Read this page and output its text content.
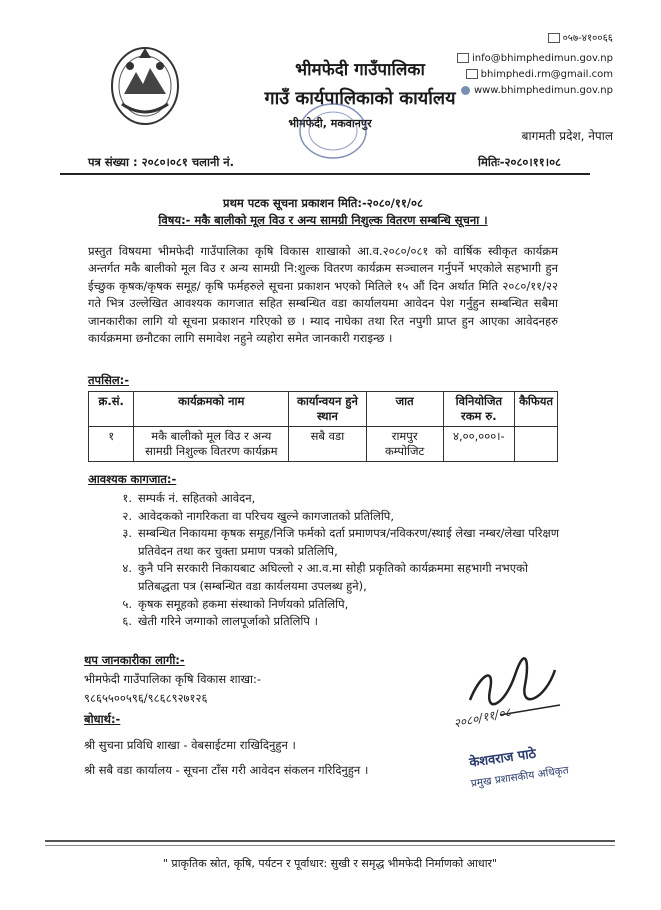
भीमफेदी गाउँपालिका
गाउँ कार्यपालिकाको कार्यालय
भीमफेदी, मकवानपुर
०५७-४१००६६
info@bhimphedimun.gov.np
bhimphedi.rm@gmail.com
www.bhimphedimun.gov.np
बागमती प्रदेश, नेपाल
पत्र संख्या : २०८०।०८१ चलानी नं.	मितिः-२०८०।११।०८
प्रथम पटक सूचना प्रकाशन मिति:-२०८०/११/०८
विषय:- मकै बालीको मूल विउ र अन्य सामग्री निशुल्क वितरण सम्बन्धि सूचना ।
प्रस्तुत विषयमा भीमफेदी गाउँपालिका कृषि विकास शाखाको आ.व.२०८०/०८१ को वार्षिक स्वीकृत कार्यक्रम अन्तर्गत मकै बालीको मूल विउ र अन्य सामग्री नि:शुल्क वितरण कार्यक्रम सञ्चालन गर्नुपर्ने भएकोले सहभागी हुन ईच्छुक कृषक/कृषक समूह/ कृषि फर्महरुले सूचना प्रकाशन भएको मितिले १५ औं दिन अर्थात मिति २०८०/११/२२ गते भित्र उल्लेखित आवश्यक कागजात सहित सम्बन्धित वडा कार्यालयमा आवेदन पेश गर्नुहुन सम्बन्धित सबैमा जानकारीका लागि यो सूचना प्रकाशन गरिएको छ । म्याद नाघेका तथा रित नपुगी प्राप्त हुन आएका आवेदनहरु कार्यक्रममा छनौटका लागि समावेश नहुने व्यहोरा समेत जानकारी गराइन्छ ।
तपसिल:-
क्र.सं.	कार्यक्रमको नाम	कार्यान्वयन हुने स्थान	जात	विनियोजित रकम रु.	कैफियत
१	मकै बालीको मूल विउ र अन्य सामग्री निशुल्क वितरण कार्यक्रम	सबै वडा	रामपुर कम्पोजिट	४,००,०००।-	
आवश्यक कागजात:-
१. सम्पर्क नं. सहितको आवेदन,
२. आवेदकको नागरिकता वा परिचय खुल्ने कागजातको प्रतिलिपि,
३. सम्बन्धित निकायमा कृषक समूह/निजि फर्मको दर्ता प्रमाणपत्र/नविकरण/स्थाई लेखा नम्बर/लेखा परिक्षण प्रतिवेदन तथा कर चुक्ता प्रमाण पत्रको प्रतिलिपि,
४. कुनै पनि सरकारी निकायबाट अघिल्लो २ आ.व.मा सोही प्रकृतिको कार्यक्रममा सहभागी नभएको प्रतिबद्धता पत्र (सम्बन्धित वडा कार्यलयमा उपलब्ध हुने),
५. कृषक समूहको हकमा संस्थाको निर्णयको प्रतिलिपि,
६. खेती गरिने जग्गाको लालपूर्जाको प्रतिलिपि ।
थप जानकारीका लागी:-
भीमफेदी गाउँपालिका कृषि विकास शाखा:-
९८६५५००५९६/९८६८९२७१२६
बोधार्थ:-
श्री सुचना प्रविधि शाखा - वेबसाईटमा राखिदिनुहुन ।
श्री सबै वडा कार्यालय - सूचना टाँस गरी आवेदन संकलन गरिदिनुहुन ।
२०८०/११/०८
केशवराज पाठे
प्रमुख प्रशासकीय अधिकृत
" प्राकृतिक स्रोत, कृषि, पर्यटन र पूर्वाधार: सुखी र समृद्ध भीमफेदी निर्माणको आधार"
